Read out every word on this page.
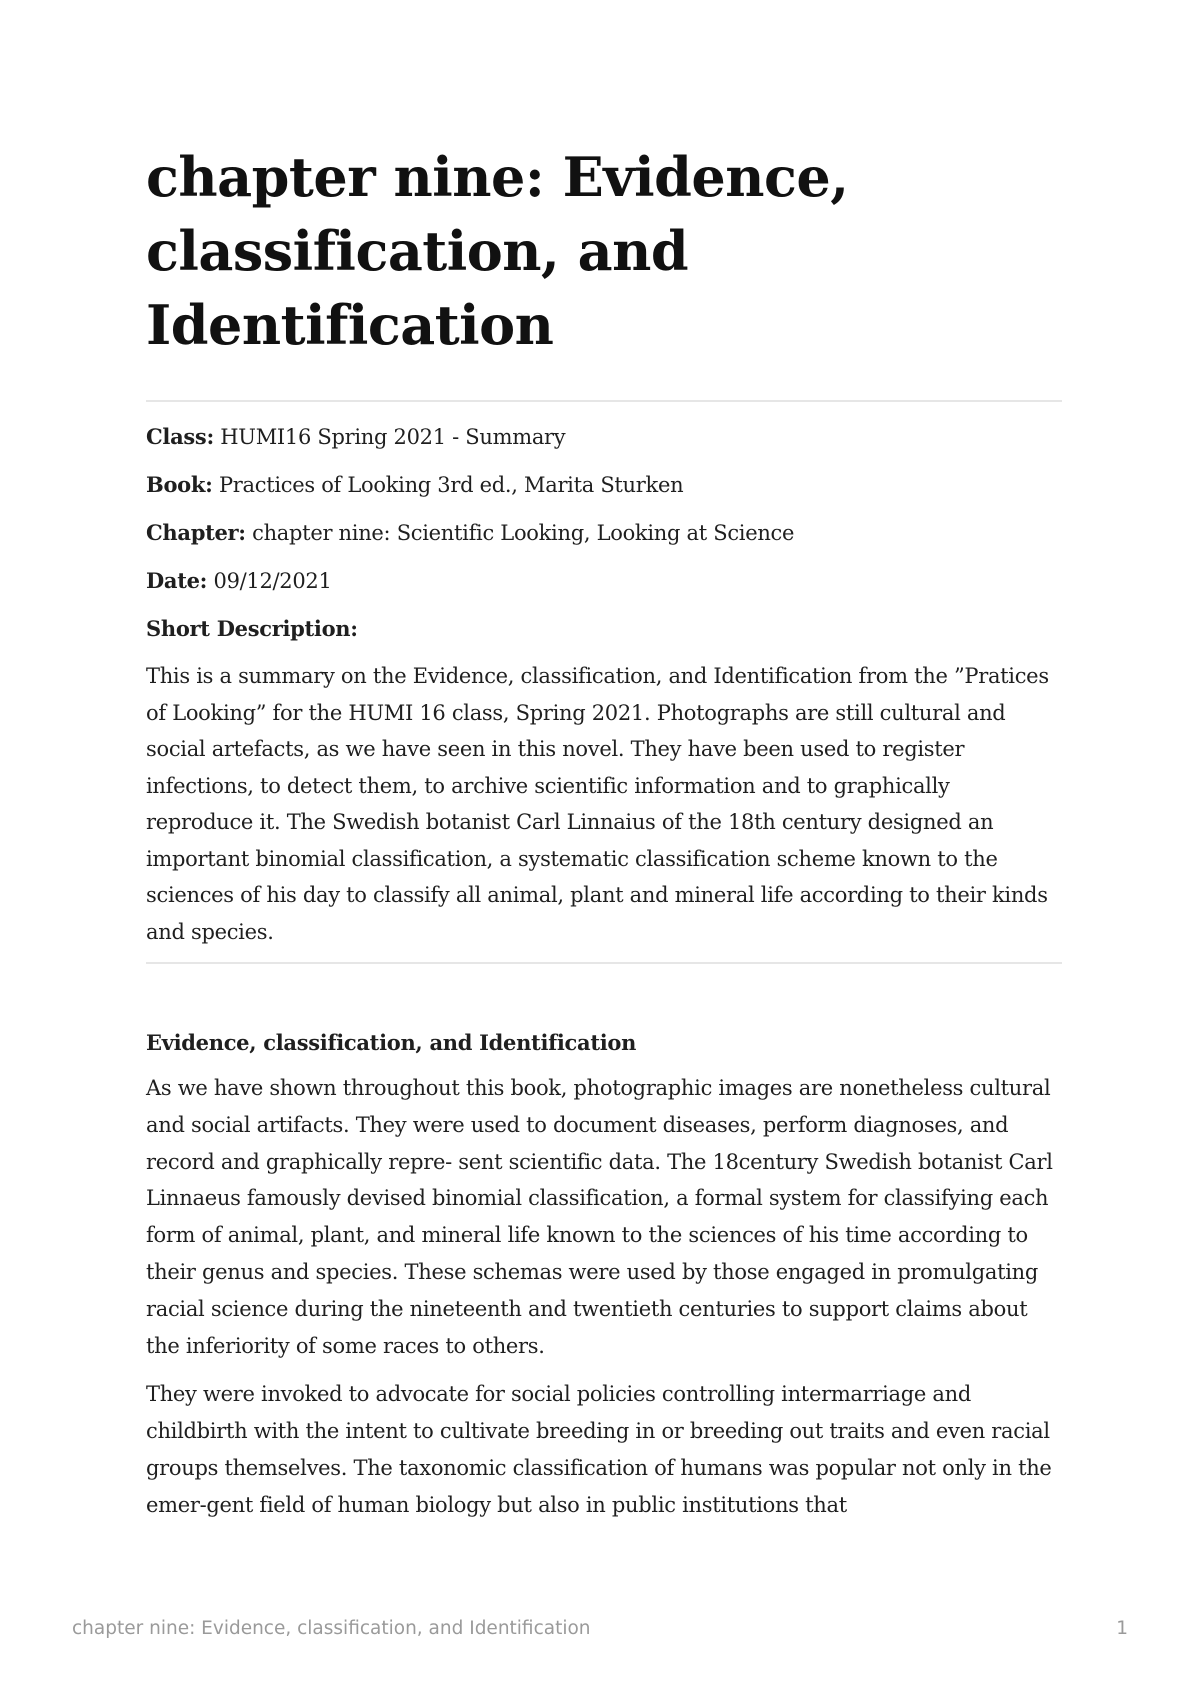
chapter nine: Evidence, classification, and Identification

Class: HUMI16 Spring 2021 - Summary

Book: Practices of Looking 3rd ed., Marita Sturken

Chapter: chapter nine: Scientific Looking, Looking at Science

Date: 09/12/2021

Short Description:

This is a summary on the Evidence, classification, and Identification from the ”Pratices of Looking” for the HUMI 16 class, Spring 2021. Photographs are still cultural and social artefacts, as we have seen in this novel. They have been used to register infections, to detect them, to archive scientific information and to graphically reproduce it. The Swedish botanist Carl Linnaius of the 18th century designed an important binomial classification, a systematic classification scheme known to the sciences of his day to classify all animal, plant and mineral life according to their kinds and species.

Evidence, classification, and Identification

As we have shown throughout this book, photographic images are nonetheless cultural and social artifacts. They were used to document diseases, perform diagnoses, and record and graphically repre- sent scientific data. The 18century Swedish botanist Carl Linnaeus famously devised binomial classification, a formal system for classifying each form of animal, plant, and mineral life known to the sciences of his time according to their genus and species. These schemas were used by those engaged in promulgating racial science during the nineteenth and twentieth centuries to support claims about the inferiority of some races to others.

They were invoked to advocate for social policies controlling intermarriage and childbirth with the intent to cultivate breeding in or breeding out traits and even racial groups themselves. The taxonomic classification of humans was popular not only in the emer-gent field of human biology but also in public institutions that

chapter nine: Evidence, classification, and Identification	1
